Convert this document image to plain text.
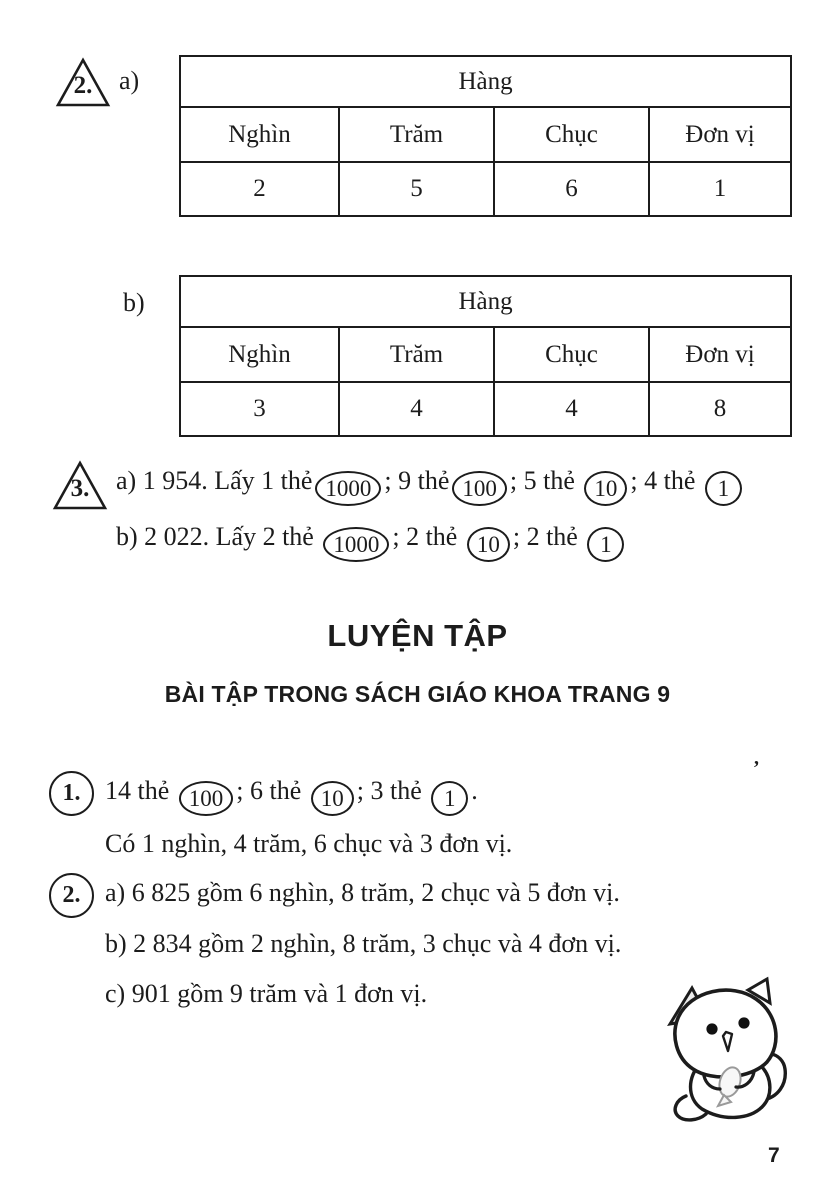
2.	a)	Hàng			
Nghìn	Trăm	Chục	Đơn vị
2	5	6	1
b)	Hàng			
Nghìn	Trăm	Chục	Đơn vị
3	4	4	8
3.	a) 1 954. Lấy 1 thẻ 1000 ; 9 thẻ 100 ; 5 thẻ 10 ; 4 thẻ 1
b) 2 022. Lấy 2 thẻ 1000 ; 2 thẻ 10 ; 2 thẻ 1
LUYỆN TẬP
BÀI TẬP TRONG SÁCH GIÁO KHOA TRANG 9
1. 14 thẻ 100 ; 6 thẻ 10 ; 3 thẻ 1 .
Có 1 nghìn, 4 trăm, 6 chục và 3 đơn vị.
2. a) 6 825 gồm 6 nghìn, 8 trăm, 2 chục và 5 đơn vị.
b) 2 834 gồm 2 nghìn, 8 trăm, 3 chục và 4 đơn vị.
c) 901 gồm 9 trăm và 1 đơn vị.
’
7
